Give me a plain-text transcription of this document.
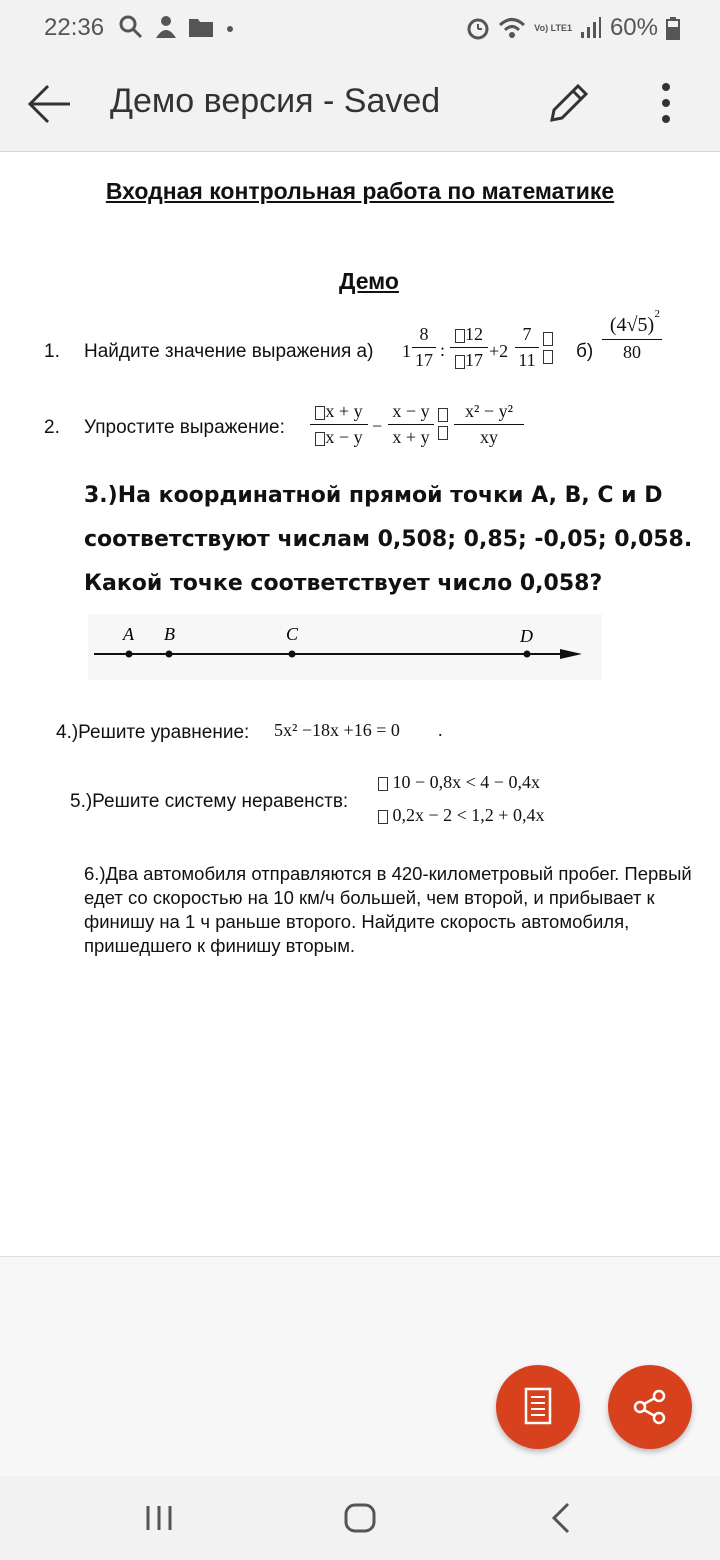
22:36	Vo) LTE1 60%
Демо версия - Saved
Входная контрольная работа по математике
Демо
1. Найдите значение выражения а) 1
8
17 :
12
17 +2
7
11 б)
(4√5) 2
80
2. Упростите выражение:
x + y
x − y
−
x − y
x + y

x² − y²
xy
3.)На координатной прямой точки A, B, C и D соответствуют числам 0,508; 0,85; -0,05; 0,058. Какой точке соответствует число 0,058?
A B	C	D
4.)Решите уравнение: 5x² −18x +16 = 0 .
5.)Решите систему неравенств:
10 − 0,8x < 4 − 0,4x
0,2x − 2 < 1,2 + 0,4x
6.)Два автомобиля отправляются в 420-километровый пробег. Первый едет со скоростью на 10 км/ч большей, чем второй, и прибывает к финишу на 1 ч раньше второго. Найдите скорость автомобиля, пришедшего к финишу вторым.
